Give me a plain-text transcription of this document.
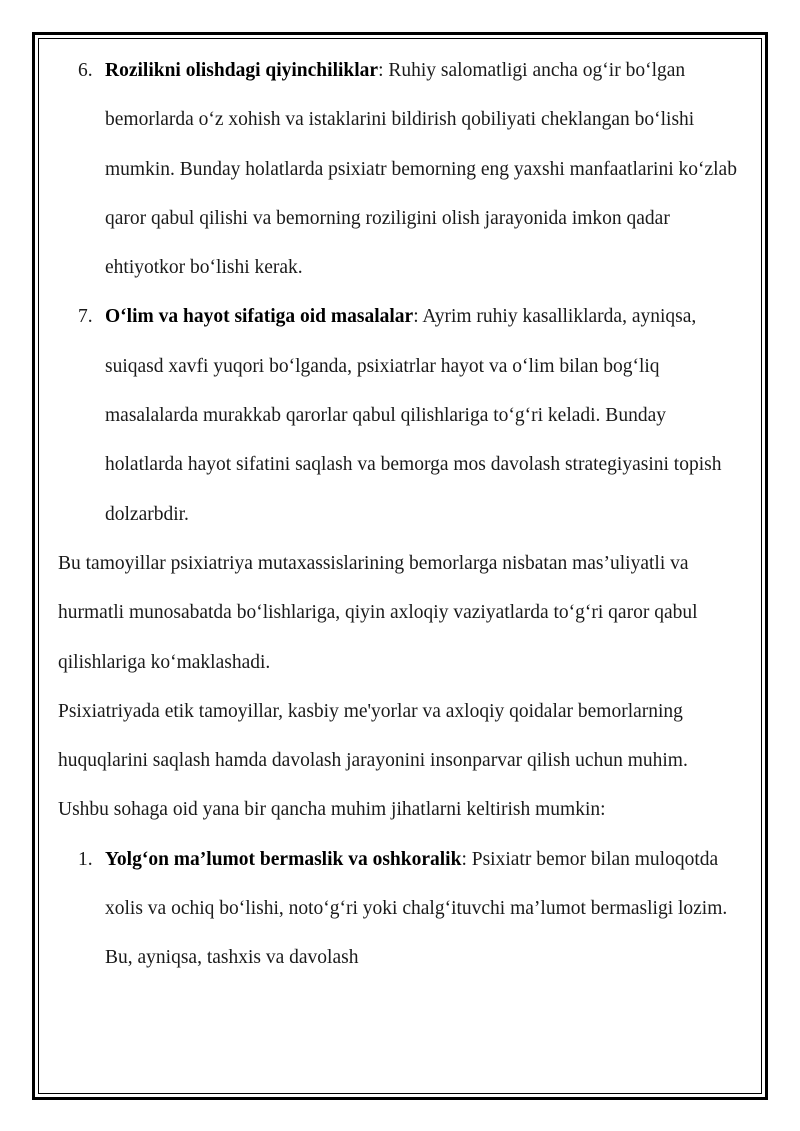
6. Rozilikni olishdagi qiyinchiliklar: Ruhiy salomatligi ancha og‘ir bo‘lgan bemorlarda o‘z xohish va istaklarini bildirish qobiliyati cheklangan bo‘lishi mumkin. Bunday holatlarda psixiatr bemorning eng yaxshi manfaatlarini ko‘zlab qaror qabul qilishi va bemorning roziligini olish jarayonida imkon qadar ehtiyotkor bo‘lishi kerak.
7. O‘lim va hayot sifatiga oid masalalar: Ayrim ruhiy kasalliklarda, ayniqsa, suiqasd xavfi yuqori bo‘lganda, psixiatrlar hayot va o‘lim bilan bog‘liq masalalarda murakkab qarorlar qabul qilishlariga to‘g‘ri keladi. Bunday holatlarda hayot sifatini saqlash va bemorga mos davolash strategiyasini topish dolzarbdir.

Bu tamoyillar psixiatriya mutaxassislarining bemorlarga nisbatan mas’uliyatli va hurmatli munosabatda bo‘lishlariga, qiyin axloqiy vaziyatlarda to‘g‘ri qaror qabul qilishlariga ko‘maklashadi.

Psixiatriyada etik tamoyillar, kasbiy me'yorlar va axloqiy qoidalar bemorlarning huquqlarini saqlash hamda davolash jarayonini insonparvar qilish uchun muhim. Ushbu sohaga oid yana bir qancha muhim jihatlarni keltirish mumkin:

1. Yolg‘on ma’lumot bermaslik va oshkoralik: Psixiatr bemor bilan muloqotda xolis va ochiq bo‘lishi, noto‘g‘ri yoki chalg‘ituvchi ma’lumot bermasligi lozim. Bu, ayniqsa, tashxis va davolash
